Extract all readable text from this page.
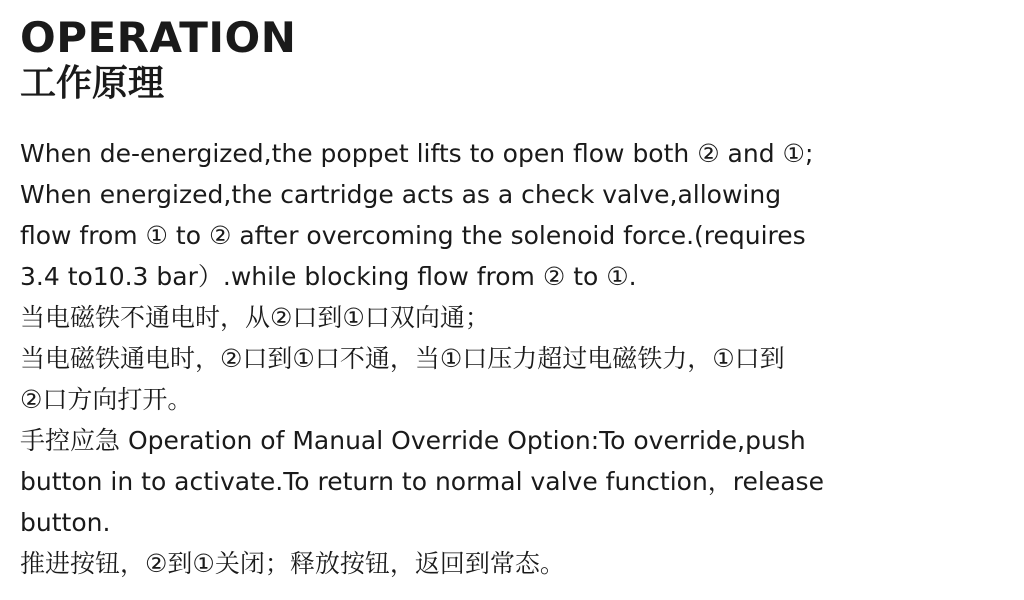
OPERATION
工作原理
When de-energized,the poppet lifts to open flow both ② and ①;
When energized,the cartridge acts as a check valve,allowing
flow from ① to ② after overcoming the solenoid force.(requires
3.4 to10.3 bar）.while blocking flow from ② to ①.
当电磁铁不通电时，从②口到①口双向通；
当电磁铁通电时，②口到①口不通，当①口压力超过电磁铁力，①口到
②口方向打开。
手控应急 Operation of Manual Override Option:To override,push
button in to activate.To return to normal valve function，release
button.
推进按钮，②到①关闭；释放按钮，返回到常态。
